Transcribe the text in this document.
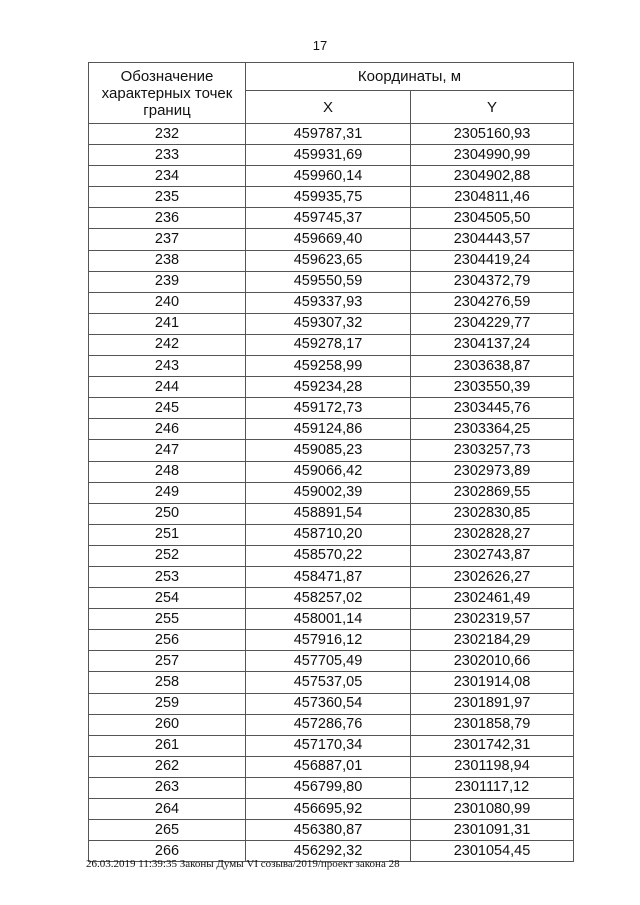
17
Обозначение характерных точек границ	Координаты, м	
	X	Y
232	459787,31	2305160,93
233	459931,69	2304990,99
234	459960,14	2304902,88
235	459935,75	2304811,46
236	459745,37	2304505,50
237	459669,40	2304443,57
238	459623,65	2304419,24
239	459550,59	2304372,79
240	459337,93	2304276,59
241	459307,32	2304229,77
242	459278,17	2304137,24
243	459258,99	2303638,87
244	459234,28	2303550,39
245	459172,73	2303445,76
246	459124,86	2303364,25
247	459085,23	2303257,73
248	459066,42	2302973,89
249	459002,39	2302869,55
250	458891,54	2302830,85
251	458710,20	2302828,27
252	458570,22	2302743,87
253	458471,87	2302626,27
254	458257,02	2302461,49
255	458001,14	2302319,57
256	457916,12	2302184,29
257	457705,49	2302010,66
258	457537,05	2301914,08
259	457360,54	2301891,97
260	457286,76	2301858,79
261	457170,34	2301742,31
262	456887,01	2301198,94
263	456799,80	2301117,12
264	456695,92	2301080,99
265	456380,87	2301091,31
266	456292,32	2301054,45
26.03.2019 11:39:35 Законы Думы VI созыва/2019/проект закона 28
